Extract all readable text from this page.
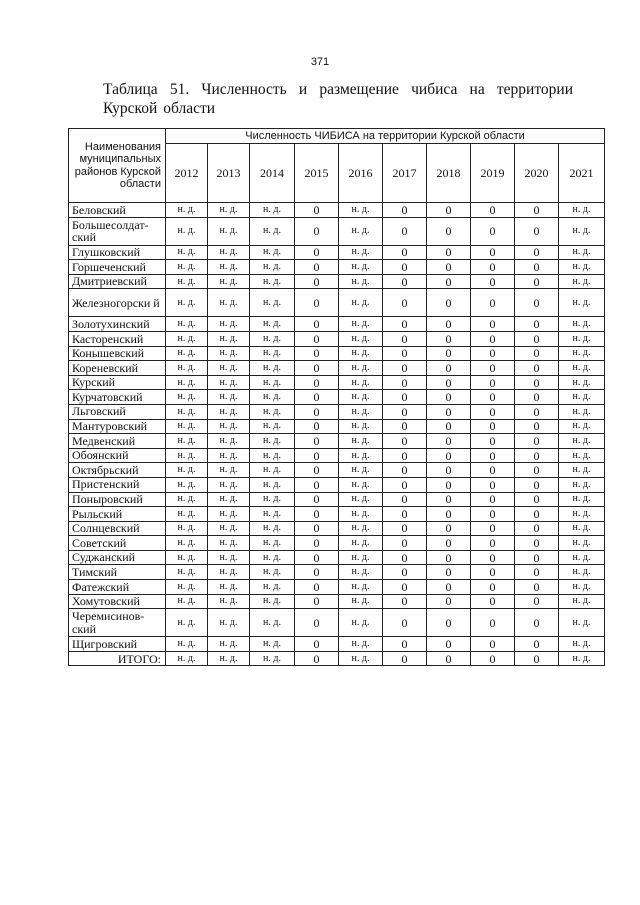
371
Таблица 51. Численность и размещение чибиса на территории Курской области
Наименования муниципальных районов Курской области	Численность ЧИБИСА на территории Курской области									
	2012	2013	2014	2015	2016	2017	2018	2019	2020	2021
Беловский	н. д.	н. д.	н. д.	0	н. д.	0	0	0	0	н. д.
Большесолдат-ский	н. д.	н. д.	н. д.	0	н. д.	0	0	0	0	н. д.
Глушковский	н. д.	н. д.	н. д.	0	н. д.	0	0	0	0	н. д.
Горшеченский	н. д.	н. д.	н. д.	0	н. д.	0	0	0	0	н. д.
Дмитриевский	н. д.	н. д.	н. д.	0	н. д.	0	0	0	0	н. д.
Железногорски й	н. д.	н. д.	н. д.	0	н. д.	0	0	0	0	н. д.
Золотухинский	н. д.	н. д.	н. д.	0	н. д.	0	0	0	0	н. д.
Касторенский	н. д.	н. д.	н. д.	0	н. д.	0	0	0	0	н. д.
Конышевский	н. д.	н. д.	н. д.	0	н. д.	0	0	0	0	н. д.
Кореневский	н. д.	н. д.	н. д.	0	н. д.	0	0	0	0	н. д.
Курский	н. д.	н. д.	н. д.	0	н. д.	0	0	0	0	н. д.
Курчатовский	н. д.	н. д.	н. д.	0	н. д.	0	0	0	0	н. д.
Льговский	н. д.	н. д.	н. д.	0	н. д.	0	0	0	0	н. д.
Мантуровский	н. д.	н. д.	н. д.	0	н. д.	0	0	0	0	н. д.
Медвенский	н. д.	н. д.	н. д.	0	н. д.	0	0	0	0	н. д.
Обоянский	н. д.	н. д.	н. д.	0	н. д.	0	0	0	0	н. д.
Октябрьский	н. д.	н. д.	н. д.	0	н. д.	0	0	0	0	н. д.
Пристенский	н. д.	н. д.	н. д.	0	н. д.	0	0	0	0	н. д.
Поныровский	н. д.	н. д.	н. д.	0	н. д.	0	0	0	0	н. д.
Рыльский	н. д.	н. д.	н. д.	0	н. д.	0	0	0	0	н. д.
Солнцевский	н. д.	н. д.	н. д.	0	н. д.	0	0	0	0	н. д.
Советский	н. д.	н. д.	н. д.	0	н. д.	0	0	0	0	н. д.
Суджанский	н. д.	н. д.	н. д.	0	н. д.	0	0	0	0	н. д.
Тимский	н. д.	н. д.	н. д.	0	н. д.	0	0	0	0	н. д.
Фатежский	н. д.	н. д.	н. д.	0	н. д.	0	0	0	0	н. д.
Хомутовский	н. д.	н. д.	н. д.	0	н. д.	0	0	0	0	н. д.
Черемисинов-ский	н. д.	н. д.	н. д.	0	н. д.	0	0	0	0	н. д.
Щигровский	н. д.	н. д.	н. д.	0	н. д.	0	0	0	0	н. д.
ИТОГО:	н. д.	н. д.	н. д.	0	н. д.	0	0	0	0	н. д.
